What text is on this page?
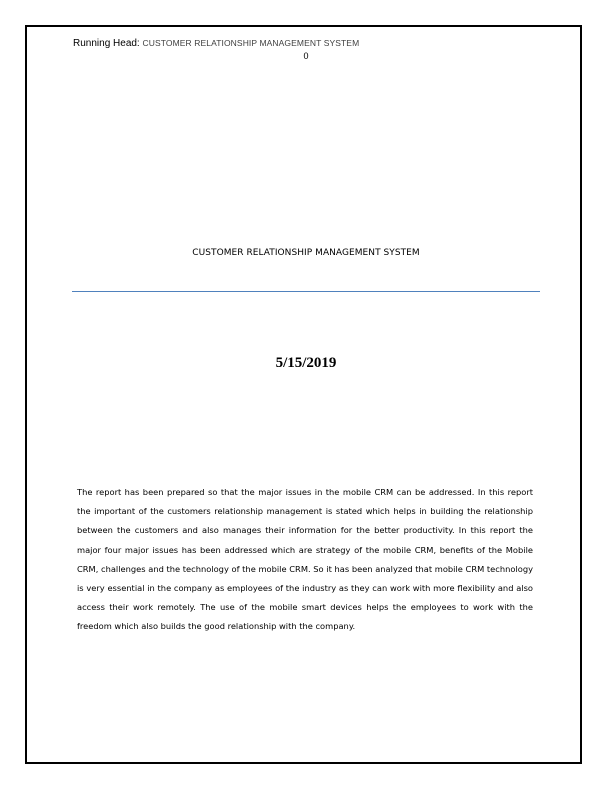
Running Head: CUSTOMER RELATIONSHIP MANAGEMENT SYSTEM
0
CUSTOMER RELATIONSHIP MANAGEMENT SYSTEM
5/15/2019

The report has been prepared so that the major issues in the mobile CRM can be addressed. In this report the important of the customers relationship management is stated which helps in building the relationship between the customers and also manages their information for the better productivity. In this report the major four major issues has been addressed which are strategy of the mobile CRM, benefits of the Mobile CRM, challenges and the technology of the mobile CRM. So it has been analyzed that mobile CRM technology is very essential in the company as employees of the industry as they can work with more flexibility and also access their work remotely. The use of the mobile smart devices helps the employees to work with the freedom which also builds the good relationship with the company.
